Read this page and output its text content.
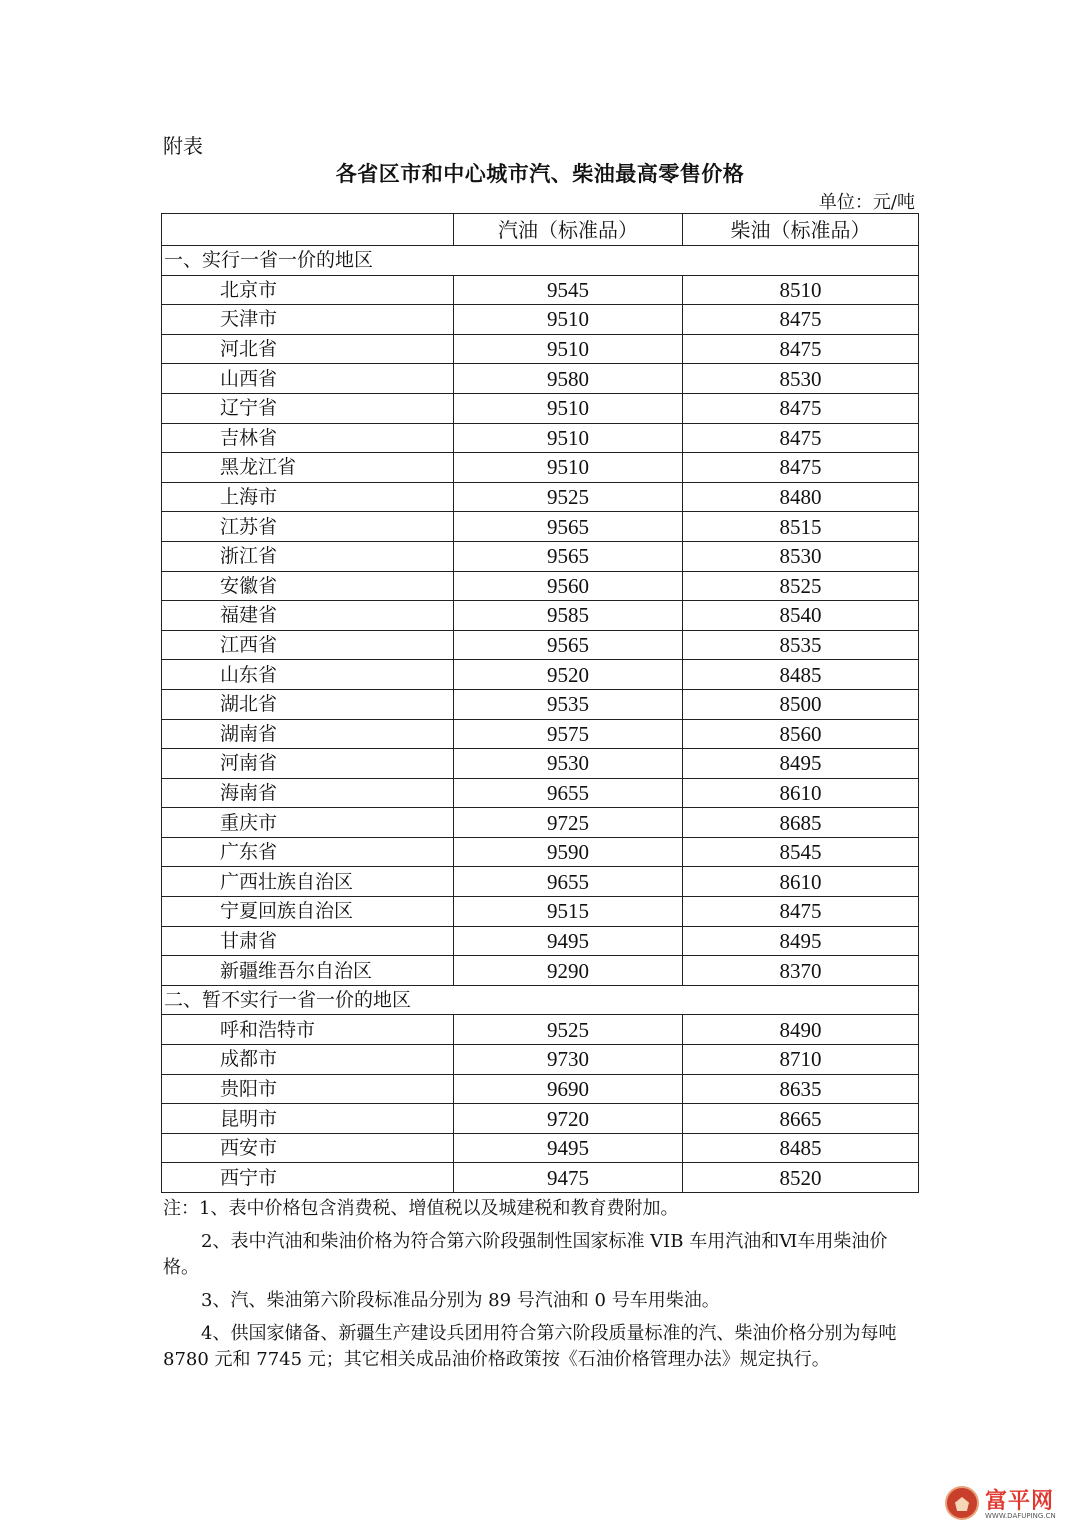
附表
各省区市和中心城市汽、柴油最高零售价格
单位：元/吨
	汽油（标准品）	柴油（标准品）
一、实行一省一价的地区		
北京市	9545	8510
天津市	9510	8475
河北省	9510	8475
山西省	9580	8530
辽宁省	9510	8475
吉林省	9510	8475
黑龙江省	9510	8475
上海市	9525	8480
江苏省	9565	8515
浙江省	9565	8530
安徽省	9560	8525
福建省	9585	8540
江西省	9565	8535
山东省	9520	8485
湖北省	9535	8500
湖南省	9575	8560
河南省	9530	8495
海南省	9655	8610
重庆市	9725	8685
广东省	9590	8545
广西壮族自治区	9655	8610
宁夏回族自治区	9515	8475
甘肃省	9495	8495
新疆维吾尔自治区	9290	8370
二、暂不实行一省一价的地区		
呼和浩特市	9525	8490
成都市	9730	8710
贵阳市	9690	8635
昆明市	9720	8665
西安市	9495	8485
西宁市	9475	8520

注：1、表中价格包含消费税、增值税以及城建税和教育费附加。

2、表中汽油和柴油价格为符合第六阶段强制性国家标准 VIB 车用汽油和Ⅵ车用柴油价格。

3、汽、柴油第六阶段标准品分别为 89 号汽油和 0 号车用柴油。

4、供国家储备、新疆生产建设兵团用符合第六阶段质量标准的汽、柴油价格分别为每吨 8780 元和 7745 元；其它相关成品油价格政策按《石油价格管理办法》规定执行。

富平网
WWW.DAFUPING.CN
